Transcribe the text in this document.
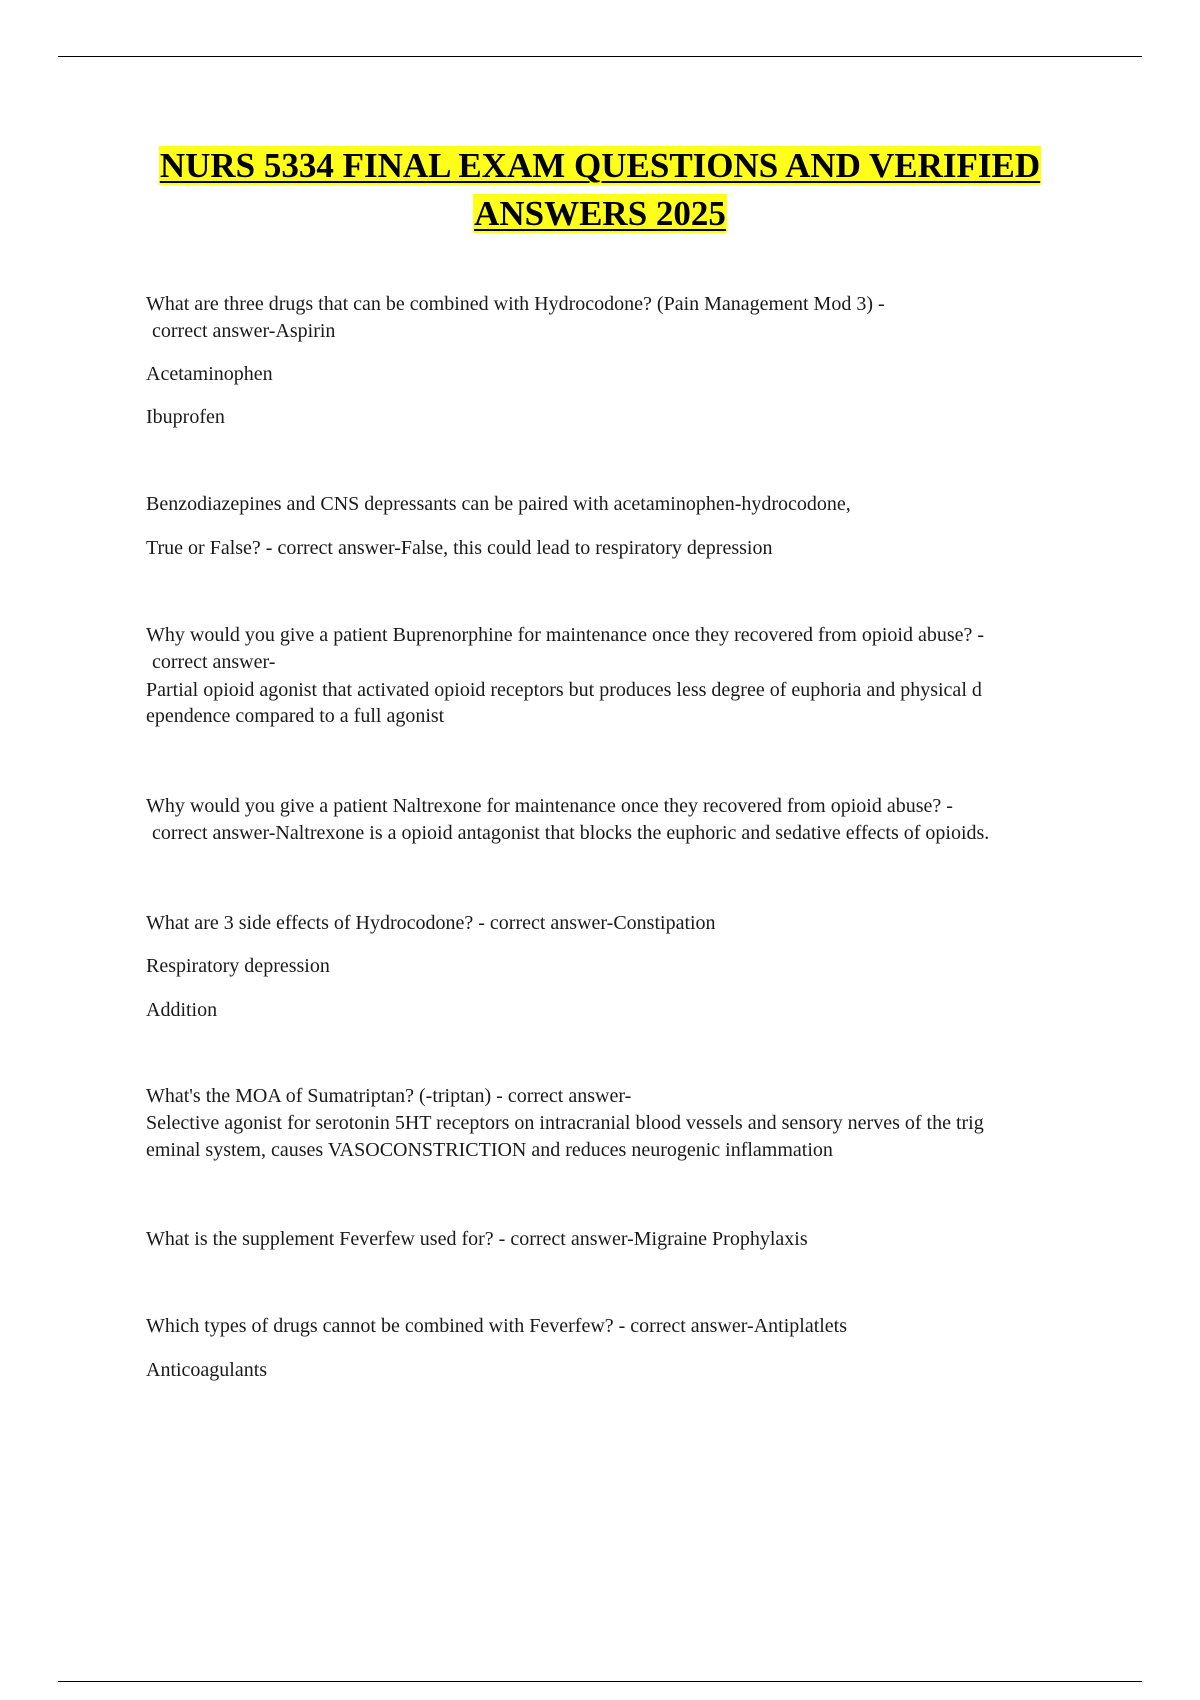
NURS 5334 FINAL EXAM QUESTIONS AND VERIFIED
ANSWERS 2025
What are three drugs that can be combined with Hydrocodone? (Pain Management Mod 3) -
correct answer-Aspirin
Acetaminophen
Ibuprofen
Benzodiazepines and CNS depressants can be paired with acetaminophen-hydrocodone,
True or False? - correct answer-False, this could lead to respiratory depression
Why would you give a patient Buprenorphine for maintenance once they recovered from opioid abuse? -
correct answer-
Partial opioid agonist that activated opioid receptors but produces less degree of euphoria and physical d
ependence compared to a full agonist
Why would you give a patient Naltrexone for maintenance once they recovered from opioid abuse? -
correct answer-Naltrexone is a opioid antagonist that blocks the euphoric and sedative effects of opioids.
What are 3 side effects of Hydrocodone? - correct answer-Constipation
Respiratory depression
Addition
What's the MOA of Sumatriptan? (-triptan) - correct answer-
Selective agonist for serotonin 5HT receptors on intracranial blood vessels and sensory nerves of the trig
eminal system, causes VASOCONSTRICTION and reduces neurogenic inflammation
What is the supplement Feverfew used for? - correct answer-Migraine Prophylaxis
Which types of drugs cannot be combined with Feverfew? - correct answer-Antiplatlets
Anticoagulants
